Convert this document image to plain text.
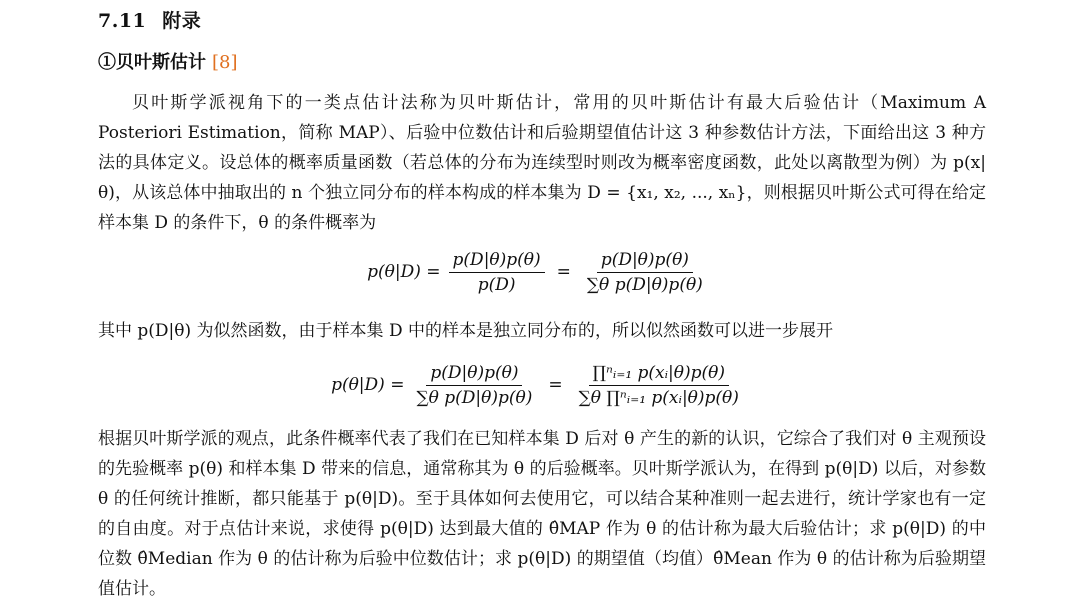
7.11 附录
①贝叶斯估计 [8]
贝叶斯学派视角下的一类点估计法称为贝叶斯估计，常用的贝叶斯估计有最大后验估计（Maximum A Posteriori Estimation，简称 MAP）、后验中位数估计和后验期望值估计这 3 种参数估计方法，下面给出这 3 种方法的具体定义。设总体的概率质量函数（若总体的分布为连续型时则改为概率密度函数，此处以离散型为例）为 p(x|θ)，从该总体中抽取出的 n 个独立同分布的样本构成的样本集为 D = {x₁, x₂, ..., xₙ}，则根据贝叶斯公式可得在给定样本集 D 的条件下，θ 的条件概率为
$p(\theta|D) = \frac{p(D|\theta)p(\theta)}{p(D)} = \frac{p(D|\theta)p(\theta)}{\text{∑θ p(D|θ)p(θ)}}$
其中 p(D|θ) 为似然函数，由于样本集 D 中的样本是独立同分布的，所以似然函数可以进一步展开
$p(\theta|D) = \frac{p(D|\theta)p(\theta)}{\text{∑θ p(D|θ)p(θ)}} = \frac{\text{∏ⁿᵢ₌₁ p(xᵢ|θ)p(θ)}}{\text{∑θ ∏ⁿᵢ₌₁ p(xᵢ|θ)p(θ)}}$
根据贝叶斯学派的观点，此条件概率代表了我们在已知样本集 D 后对 θ 产生的新的认识，它综合了我们对 θ 主观预设的先验概率 p(θ) 和样本集 D 带来的信息，通常称其为 θ 的后验概率。贝叶斯学派认为，在得到 p(θ|D) 以后，对参数 θ 的任何统计推断，都只能基于 p(θ|D)。至于具体如何去使用它，可以结合某种准则一起去进行，统计学家也有一定的自由度。对于点估计来说，求使得 p(θ|D) 达到最大值的 θ̂MAP 作为 θ 的估计称为最大后验估计；求 p(θ|D) 的中位数 θ̂Median 作为 θ 的估计称为后验中位数估计；求 p(θ|D) 的期望值（均值）θ̂Mean 作为 θ 的估计称为后验期望值估计。
